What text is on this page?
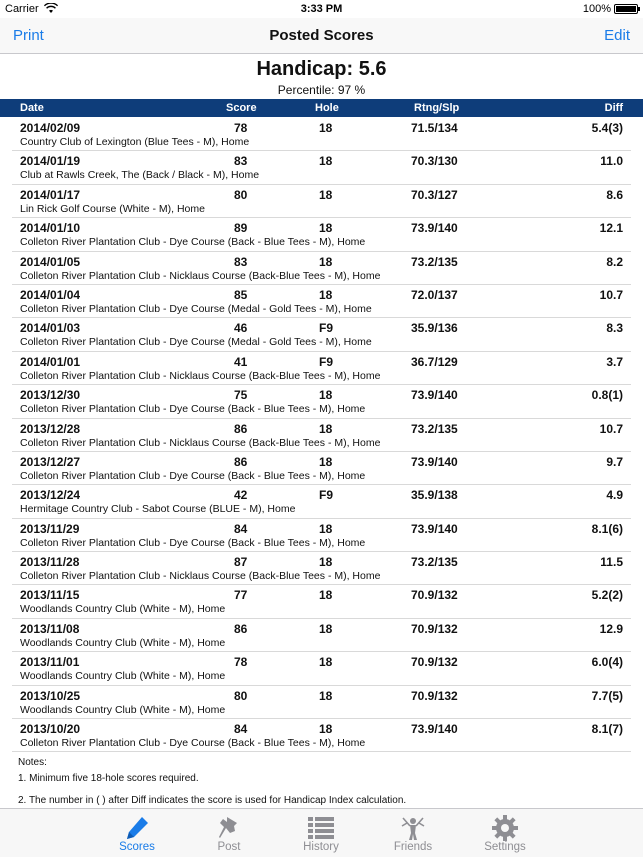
Carrier	3:33 PM	100%
Print	Posted Scores	Edit
Handicap: 5.6
Percentile: 97 %
Date	Score	Hole	Rtng/Slp	Diff
2014/02/09	78	18	71.5/134	5.4(3)
Country Club of Lexington (Blue Tees - M), Home
2014/01/19	83	18	70.3/130	11.0
Club at Rawls Creek, The (Back / Black - M), Home
2014/01/17	80	18	70.3/127	8.6
Lin Rick Golf Course (White - M), Home
2014/01/10	89	18	73.9/140	12.1
Colleton River Plantation Club - Dye Course (Back - Blue Tees - M), Home
2014/01/05	83	18	73.2/135	8.2
Colleton River Plantation Club - Nicklaus Course (Back-Blue Tees - M), Home
2014/01/04	85	18	72.0/137	10.7
Colleton River Plantation Club - Dye Course (Medal - Gold Tees - M), Home
2014/01/03	46	F9	35.9/136	8.3
Colleton River Plantation Club - Dye Course (Medal - Gold Tees - M), Home
2014/01/01	41	F9	36.7/129	3.7
Colleton River Plantation Club - Nicklaus Course (Back-Blue Tees - M), Home
2013/12/30	75	18	73.9/140	0.8(1)
Colleton River Plantation Club - Dye Course (Back - Blue Tees - M), Home
2013/12/28	86	18	73.2/135	10.7
Colleton River Plantation Club - Nicklaus Course (Back-Blue Tees - M), Home
2013/12/27	86	18	73.9/140	9.7
Colleton River Plantation Club - Dye Course (Back - Blue Tees - M), Home
2013/12/24	42	F9	35.9/138	4.9
Hermitage Country Club - Sabot Course (BLUE - M), Home
2013/11/29	84	18	73.9/140	8.1(6)
Colleton River Plantation Club - Dye Course (Back - Blue Tees - M), Home
2013/11/28	87	18	73.2/135	11.5
Colleton River Plantation Club - Nicklaus Course (Back-Blue Tees - M), Home
2013/11/15	77	18	70.9/132	5.2(2)
Woodlands Country Club (White - M), Home
2013/11/08	86	18	70.9/132	12.9
Woodlands Country Club (White - M), Home
2013/11/01	78	18	70.9/132	6.0(4)
Woodlands Country Club (White - M), Home
2013/10/25	80	18	70.9/132	7.7(5)
Woodlands Country Club (White - M), Home
2013/10/20	84	18	73.9/140	8.1(7)
Colleton River Plantation Club - Dye Course (Back - Blue Tees - M), Home
Notes:
1. Minimum five 18-hole scores required.
2. The number in ( ) after Diff indicates the score is used for Handicap Index calculation.
Scores	Post	History	Friends	Settings
